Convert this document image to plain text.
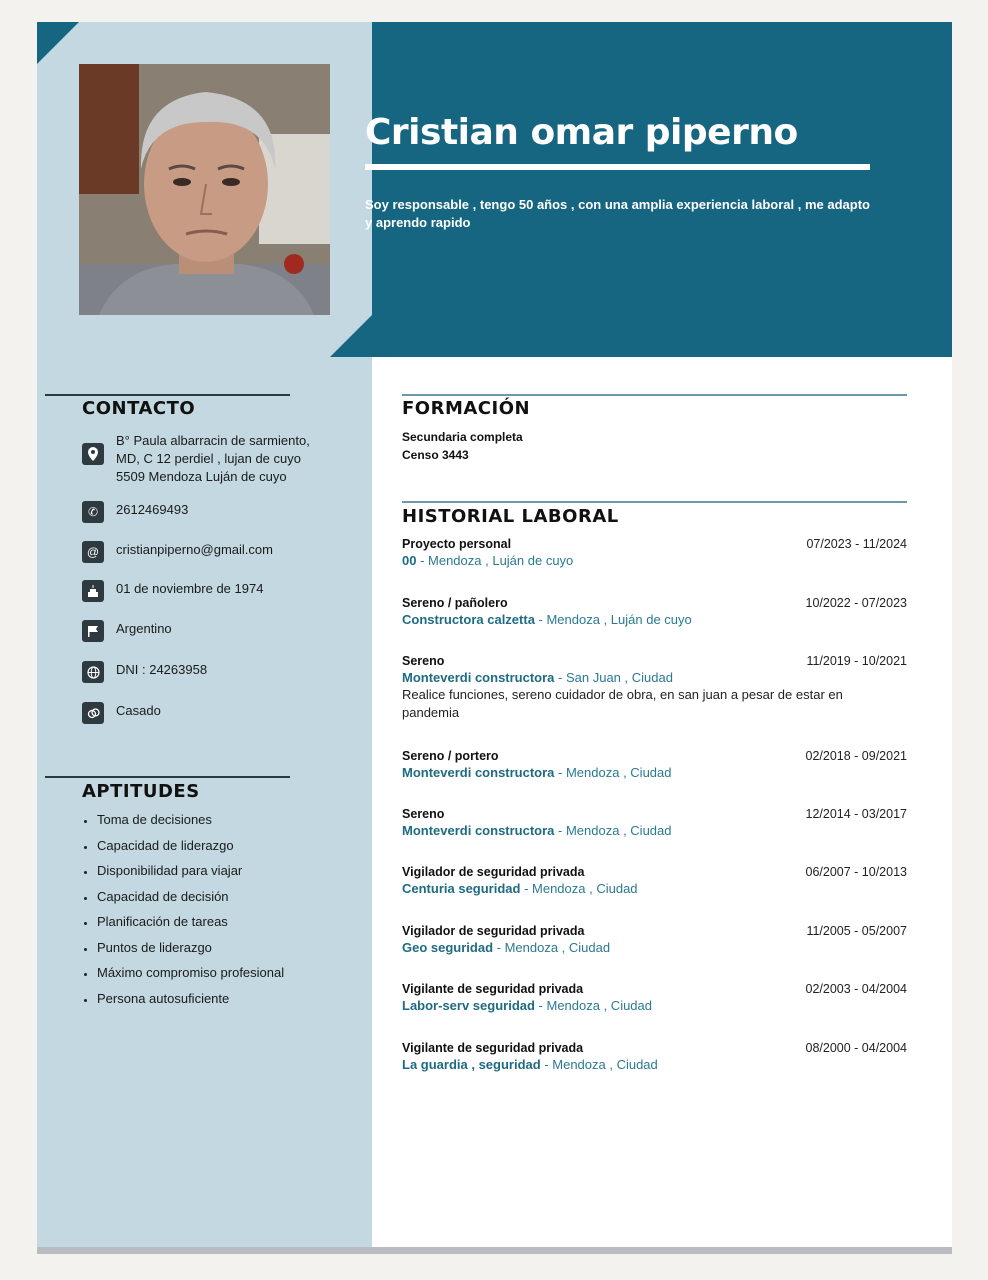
Cristian omar piperno
Soy responsable , tengo 50 años , con una amplia experiencia laboral , me adapto y aprendo rapido
CONTACTO
B° Paula albarracin de sarmiento,
MD, C 12 perdiel , lujan de cuyo
5509 Mendoza Luján de cuyo
✆	2612469493
@	cristianpiperno@gmail.com
01 de noviembre de 1974
Argentino
DNI : 24263958
Casado
APTITUDES
Toma de decisiones
Capacidad de liderazgo
Disponibilidad para viajar
Capacidad de decisión
Planificación de tareas
Puntos de liderazgo
Máximo compromiso profesional
Persona autosuficiente
FORMACIÓN
Secundaria completa
Censo 3443
HISTORIAL LABORAL
Proyecto personal	07/2023 - 11/2024
00 - Mendoza , Luján de cuyo
Sereno / pañolero	10/2022 - 07/2023
Constructora calzetta - Mendoza , Luján de cuyo
Sereno	11/2019 - 10/2021
Monteverdi constructora - San Juan , Ciudad
Realice funciones, sereno cuidador de obra, en san juan a pesar de estar en pandemia
Sereno / portero	02/2018 - 09/2021
Monteverdi constructora - Mendoza , Ciudad
Sereno	12/2014 - 03/2017
Monteverdi constructora - Mendoza , Ciudad
Vigilador de seguridad privada	06/2007 - 10/2013
Centuria seguridad - Mendoza , Ciudad
Vigilador de seguridad privada	11/2005 - 05/2007
Geo seguridad - Mendoza , Ciudad
Vigilante de seguridad privada	02/2003 - 04/2004
Labor-serv seguridad - Mendoza , Ciudad
Vigilante de seguridad privada	08/2000 - 04/2004
La guardia , seguridad - Mendoza , Ciudad
